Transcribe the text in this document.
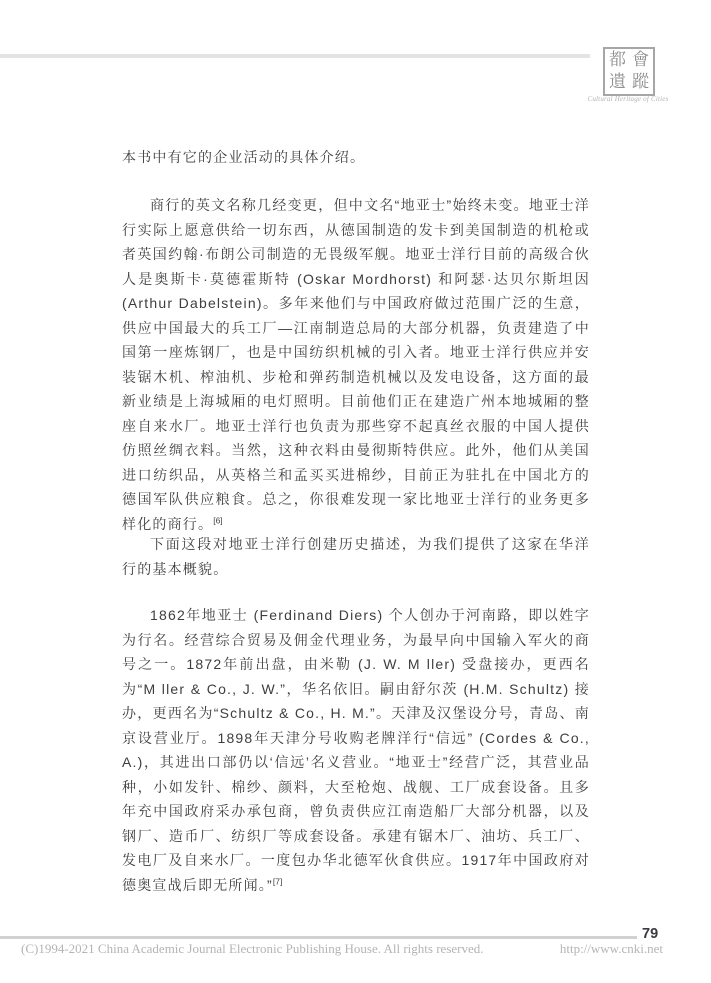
都 會
遺 蹤
Cultural Heritage of Cities

本书中有它的企业活动的具体介绍。

商行的英文名称几经变更，但中文名“地亚士”始终未变。地亚士洋行实际上愿意供给一切东西，从德国制造的发卡到美国制造的机枪或者英国约翰·布朗公司制造的无畏级军舰。地亚士洋行目前的高级合伙人是奥斯卡·莫德霍斯特 (Oskar Mordhorst) 和阿瑟·达贝尔斯坦因 (Arthur Dabelstein)。多年来他们与中国政府做过范围广泛的生意，供应中国最大的兵工厂—江南制造总局的大部分机器，负责建造了中国第一座炼钢厂，也是中国纺织机械的引入者。地亚士洋行供应并安装锯木机、榨油机、步枪和弹药制造机械以及发电设备，这方面的最新业绩是上海城厢的电灯照明。目前他们正在建造广州本地城厢的整座自来水厂。地亚士洋行也负责为那些穿不起真丝衣服的中国人提供仿照丝绸衣料。当然，这种衣料由曼彻斯特供应。此外，他们从美国进口纺织品，从英格兰和孟买买进棉纱，目前正为驻扎在中国北方的德国军队供应粮食。总之，你很难发现一家比地亚士洋行的业务更多样化的商行。[6]

下面这段对地亚士洋行创建历史描述，为我们提供了这家在华洋行的基本概貌。

1862年地亚士 (Ferdinand Diers) 个人创办于河南路，即以姓字为行名。经营综合贸易及佣金代理业务，为最早向中国输入军火的商号之一。1872年前出盘，由米勒 (J. W. M ller) 受盘接办，更西名为“M ller & Co., J. W.”，华名依旧。嗣由舒尔茨 (H.M. Schultz) 接办，更西名为“Schultz & Co., H. M.”。天津及汉堡设分号，青岛、南京设营业厅。1898年天津分号收购老牌洋行“信远” (Cordes & Co., A.)，其进出口部仍以‘信远’名义营业。“地亚士”经营广泛，其营业品种，小如发针、棉纱、颜料，大至枪炮、战舰、工厂成套设备。且多年充中国政府采办承包商，曾负责供应江南造船厂大部分机器，以及钢厂、造币厂、纺织厂等成套设备。承建有锯木厂、油坊、兵工厂、发电厂及自来水厂。一度包办华北德军伙食供应。1917年中国政府对德奥宣战后即无所闻。”[7]

79
(C)1994-2021 China Academic Journal Electronic Publishing House. All rights reserved.	http://www.cnki.net
